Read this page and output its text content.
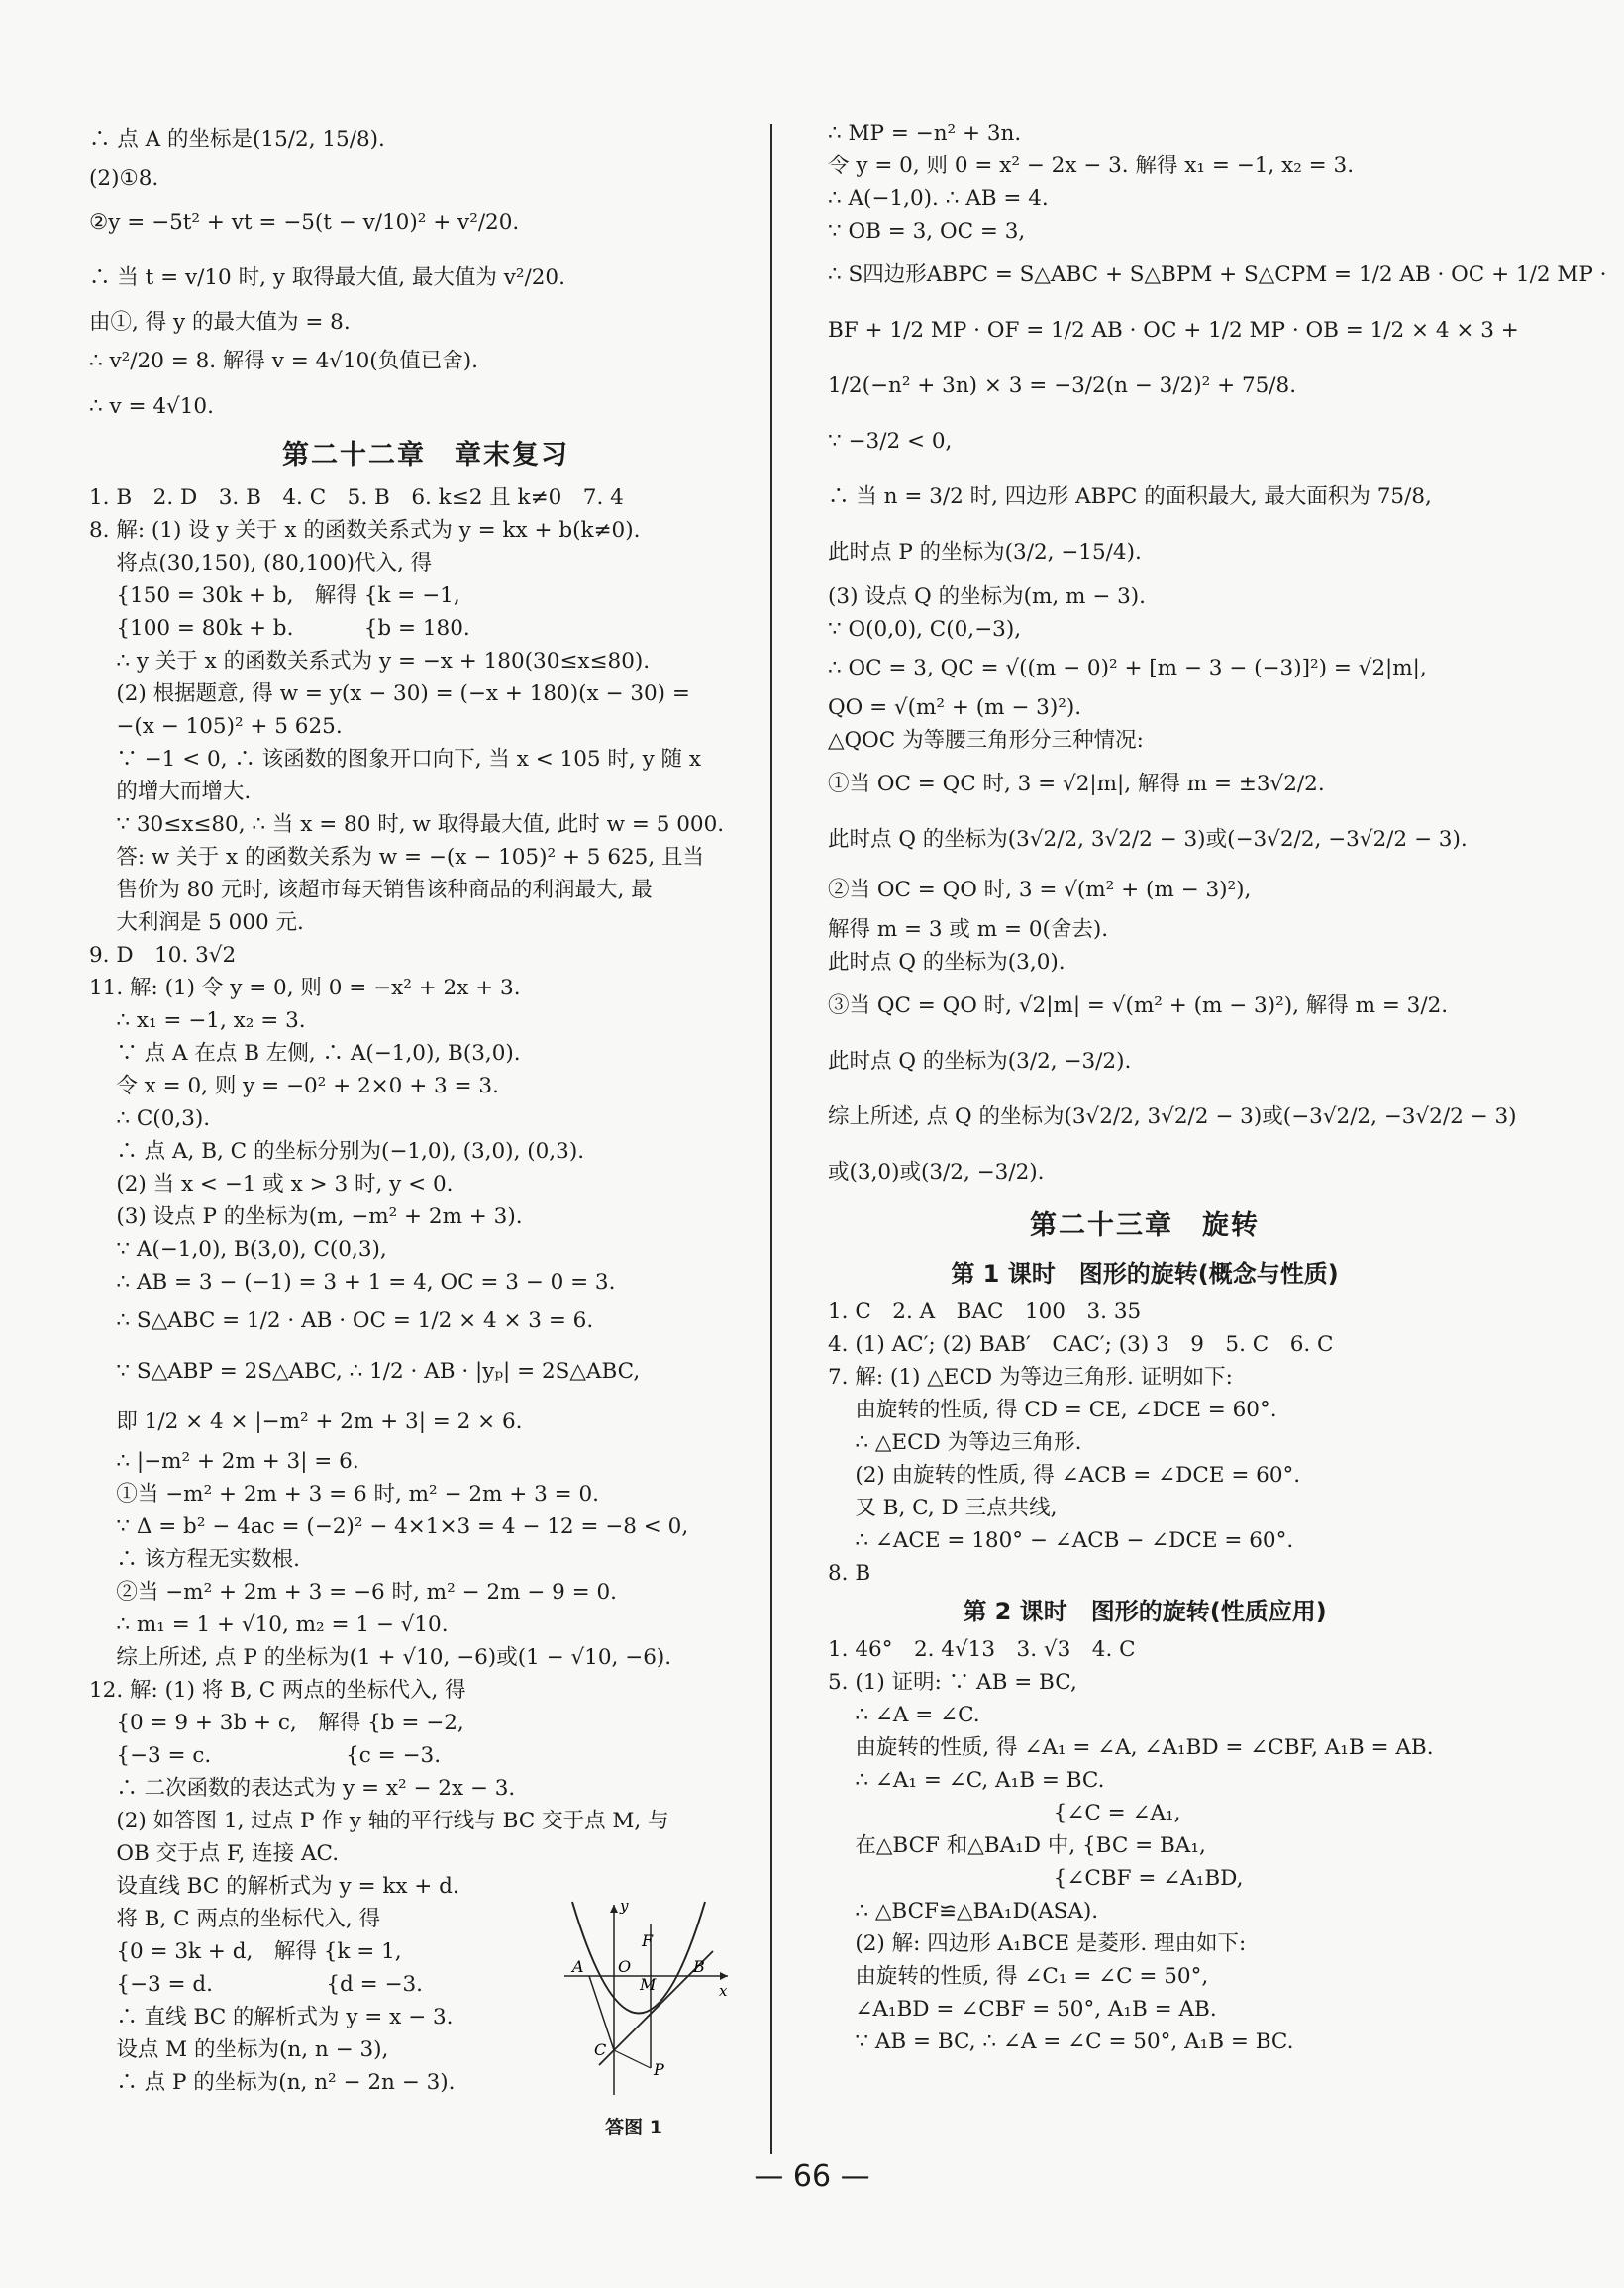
∴ 点 A 的坐标是(15/2, 15/8).
(2)①8.
②y = −5t² + vt = −5(t − v/10)² + v²/20.
∴ 当 t = v/10 时, y 取得最大值, 最大值为 v²/20.
由①, 得 y 的最大值为 = 8.
∴ v²/20 = 8. 解得 v = 4√10(负值已舍).
∴ v = 4√10.
第二十二章　章末复习
1. B　2. D　3. B　4. C　5. B　6. k≤2 且 k≠0　7. 4
8. 解: (1) 设 y 关于 x 的函数关系式为 y = kx + b(k≠0).
将点(30,150), (80,100)代入, 得
{150 = 30k + b,　解得 {k = −1,
{100 = 80k + b.　　　 {b = 180.
∴ y 关于 x 的函数关系式为 y = −x + 180(30≤x≤80).
(2) 根据题意, 得 w = y(x − 30) = (−x + 180)(x − 30) =
−(x − 105)² + 5 625.
∵ −1 < 0, ∴ 该函数的图象开口向下, 当 x < 105 时, y 随 x
的增大而增大.
∵ 30≤x≤80, ∴ 当 x = 80 时, w 取得最大值, 此时 w = 5 000.
答: w 关于 x 的函数关系为 w = −(x − 105)² + 5 625, 且当
售价为 80 元时, 该超市每天销售该种商品的利润最大, 最
大利润是 5 000 元.
9. D　10. 3√2
11. 解: (1) 令 y = 0, 则 0 = −x² + 2x + 3.
∴ x₁ = −1, x₂ = 3.
∵ 点 A 在点 B 左侧, ∴ A(−1,0), B(3,0).
令 x = 0, 则 y = −0² + 2×0 + 3 = 3.
∴ C(0,3).
∴ 点 A, B, C 的坐标分别为(−1,0), (3,0), (0,3).
(2) 当 x < −1 或 x > 3 时, y < 0.
(3) 设点 P 的坐标为(m, −m² + 2m + 3).
∵ A(−1,0), B(3,0), C(0,3),
∴ AB = 3 − (−1) = 3 + 1 = 4, OC = 3 − 0 = 3.
∴ S△ABC = 1/2 · AB · OC = 1/2 × 4 × 3 = 6.
∵ S△ABP = 2S△ABC, ∴ 1/2 · AB · |yₚ| = 2S△ABC,
即 1/2 × 4 × |−m² + 2m + 3| = 2 × 6.
∴ |−m² + 2m + 3| = 6.
①当 −m² + 2m + 3 = 6 时, m² − 2m + 3 = 0.
∵ Δ = b² − 4ac = (−2)² − 4×1×3 = 4 − 12 = −8 < 0,
∴ 该方程无实数根.
②当 −m² + 2m + 3 = −6 时, m² − 2m − 9 = 0.
∴ m₁ = 1 + √10, m₂ = 1 − √10.
综上所述, 点 P 的坐标为(1 + √10, −6)或(1 − √10, −6).
12. 解: (1) 将 B, C 两点的坐标代入, 得
{0 = 9 + 3b + c,　解得 {b = −2,
{−3 = c.　　　　　　 {c = −3.
∴ 二次函数的表达式为 y = x² − 2x − 3.
(2) 如答图 1, 过点 P 作 y 轴的平行线与 BC 交于点 M, 与
OB 交于点 F, 连接 AC.
设直线 BC 的解析式为 y = kx + d.
将 B, C 两点的坐标代入, 得
{0 = 3k + d,　解得 {k = 1,
{−3 = d.　　　　　 {d = −3.
∴ 直线 BC 的解析式为 y = x − 3.
设点 M 的坐标为(n, n − 3),
∴ 点 P 的坐标为(n, n² − 2n − 3).
∴ MP = −n² + 3n.
令 y = 0, 则 0 = x² − 2x − 3. 解得 x₁ = −1, x₂ = 3.
∴ A(−1,0). ∴ AB = 4.
∵ OB = 3, OC = 3,
∴ S四边形ABPC = S△ABC + S△BPM + S△CPM = 1/2 AB · OC + 1/2 MP ·
BF + 1/2 MP · OF = 1/2 AB · OC + 1/2 MP · OB = 1/2 × 4 × 3 +
1/2(−n² + 3n) × 3 = −3/2(n − 3/2)² + 75/8.
∵ −3/2 < 0,
∴ 当 n = 3/2 时, 四边形 ABPC 的面积最大, 最大面积为 75/8,
此时点 P 的坐标为(3/2, −15/4).
(3) 设点 Q 的坐标为(m, m − 3).
∵ O(0,0), C(0,−3),
∴ OC = 3, QC = √((m − 0)² + [m − 3 − (−3)]²) = √2|m|,
QO = √(m² + (m − 3)²).
△QOC 为等腰三角形分三种情况:
①当 OC = QC 时, 3 = √2|m|, 解得 m = ±3√2/2.
此时点 Q 的坐标为(3√2/2, 3√2/2 − 3)或(−3√2/2, −3√2/2 − 3).
②当 OC = QO 时, 3 = √(m² + (m − 3)²),
解得 m = 3 或 m = 0(舍去).
此时点 Q 的坐标为(3,0).
③当 QC = QO 时, √2|m| = √(m² + (m − 3)²), 解得 m = 3/2.
此时点 Q 的坐标为(3/2, −3/2).
综上所述, 点 Q 的坐标为(3√2/2, 3√2/2 − 3)或(−3√2/2, −3√2/2 − 3)
或(3,0)或(3/2, −3/2).
第二十三章　旋转
第 1 课时　图形的旋转(概念与性质)
1. C　2. A　BAC　100　3. 35
4. (1) AC′; (2) BAB′　CAC′; (3) 3　9　5. C　6. C
7. 解: (1) △ECD 为等边三角形. 证明如下:
由旋转的性质, 得 CD = CE, ∠DCE = 60°.
∴ △ECD 为等边三角形.
(2) 由旋转的性质, 得 ∠ACB = ∠DCE = 60°.
又 B, C, D 三点共线,
∴ ∠ACE = 180° − ∠ACB − ∠DCE = 60°.
8. B
第 2 课时　图形的旋转(性质应用)
1. 46°　2. 4√13　3. √3　4. C
5. (1) 证明: ∵ AB = BC,
∴ ∠A = ∠C.
由旋转的性质, 得 ∠A₁ = ∠A, ∠A₁BD = ∠CBF, A₁B = AB.
∴ ∠A₁ = ∠C, A₁B = BC.
　　　　　　　　　 {∠C = ∠A₁,
在△BCF 和△BA₁D 中, {BC = BA₁,
　　　　　　　　　 {∠CBF = ∠A₁BD,
∴ △BCF≌△BA₁D(ASA).
(2) 解: 四边形 A₁BCE 是菱形. 理由如下:
由旋转的性质, 得 ∠C₁ = ∠C = 50°,
∠A₁BD = ∠CBF = 50°, A₁B = AB.
∵ AB = BC, ∴ ∠A = ∠C = 50°, A₁B = BC.
y
x
A O
F
M
B
C
P
答图 1
— 66 —
